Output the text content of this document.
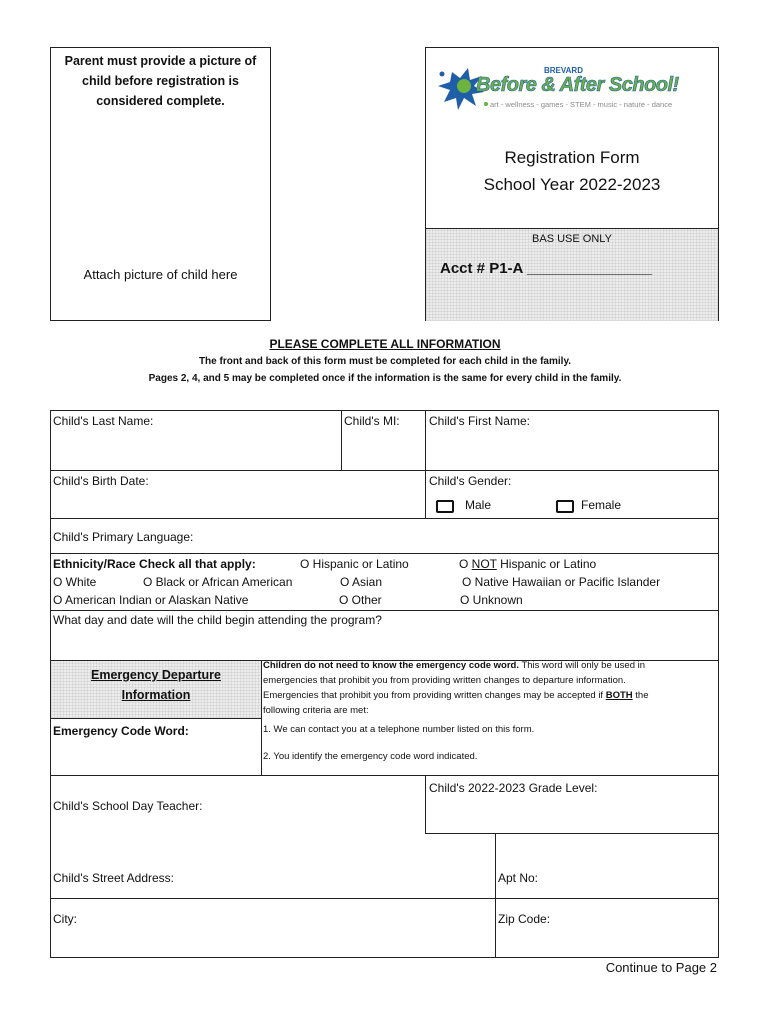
Parent must provide a picture of
child before registration is
considered complete.
Attach picture of child here
BREVARD
Before & After School!
art - wellness - games - STEM - music - nature - dance
Registration Form
School Year 2022-2023
BAS USE ONLY
Acct # P1-A _______________
PLEASE COMPLETE ALL INFORMATION
The front and back of this form must be completed for each child in the family.
Pages 2, 4, and 5 may be completed once if the information is the same for every child in the family.
Child's Last Name:	Child's MI: Child's First Name:
Child's Birth Date:	Child's Gender:
Male	Female
Child's Primary Language:
Ethnicity/Race Check all that apply:	O Hispanic or Latino	O NOT Hispanic or Latino
O White	O Black or African American	O Asian	O Native Hawaiian or Pacific Islander
O American Indian or Alaskan Native	O Other	O Unknown
What day and date will the child begin attending the program?
Emergency Departure
Information
Emergency Code Word:
Children do not need to know the emergency code word. This word will only be used in
emergencies that prohibit you from providing written changes to departure information.
Emergencies that prohibit you from providing written changes may be accepted if BOTH the
following criteria are met:
1. We can contact you at a telephone number listed on this form.
2. You identify the emergency code word indicated.
Child's School Day Teacher:
Child's 2022-2023 Grade Level:
Child's Street Address:	Apt No:
City:	Zip Code:
Continue to Page 2
